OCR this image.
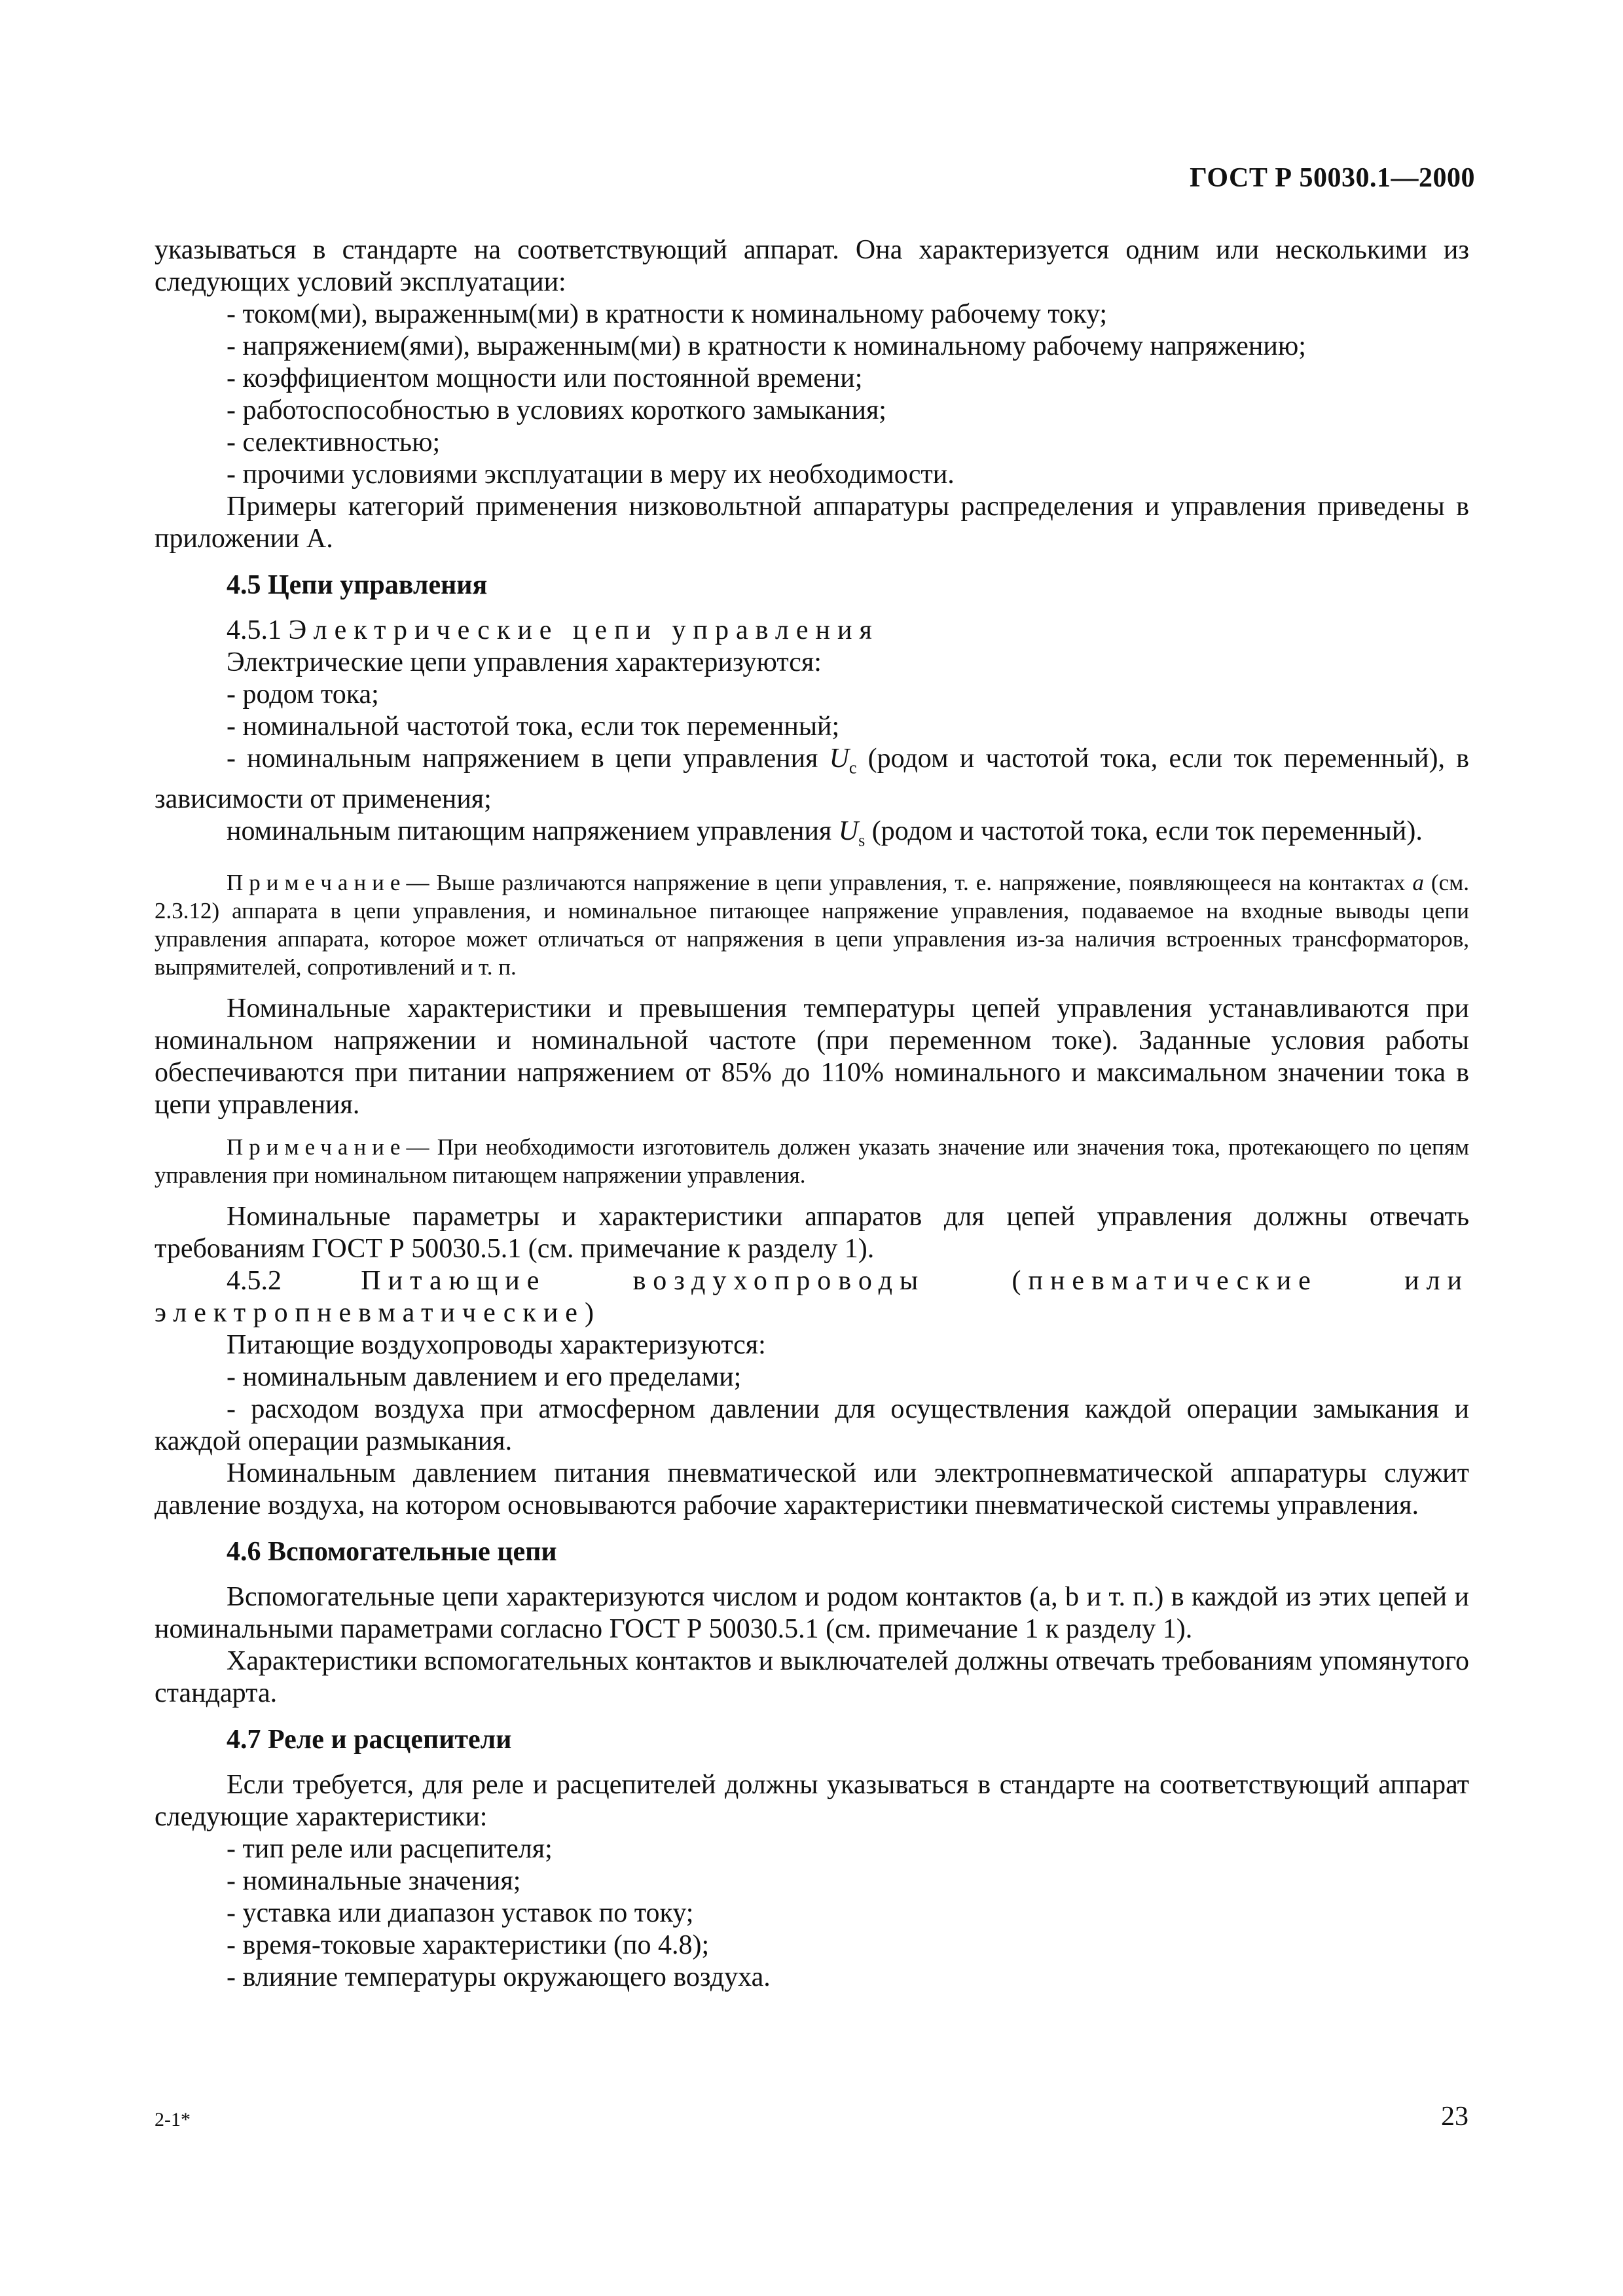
ГОСТ Р 50030.1—2000

указываться в стандарте на соответствующий аппарат. Она характеризуется одним или несколькими из следующих условий эксплуатации:

- током(ми), выраженным(ми) в кратности к номинальному рабочему току;

- напряжением(ями), выраженным(ми) в кратности к номинальному рабочему напряжению;

- коэффициентом мощности или постоянной времени;

- работоспособностью в условиях короткого замыкания;

- селективностью;

- прочими условиями эксплуатации в меру их необходимости.

Примеры категорий применения низковольтной аппаратуры распределения и управления приведены в приложении А.

4.5 Цепи управления

4.5.1 Электрические цепи управления

Электрические цепи управления характеризуются:

- родом тока;

- номинальной частотой тока, если ток переменный;

- номинальным напряжением в цепи управления $U_c$ (родом и частотой тока, если ток переменный), в зависимости от применения;

номинальным питающим напряжением управления $U_s$ (родом и частотой тока, если ток переменный).

Примечание— Выше различаются напряжение в цепи управления, т. е. напряжение, появляющееся на контактах a (см. 2.3.12) аппарата в цепи управления, и номинальное питающее напряжение управления, подаваемое на входные выводы цепи управления аппарата, которое может отличаться от напряжения в цепи управления из-за наличия встроенных трансформаторов, выпрямителей, сопротивлений и т. п.

Номинальные характеристики и превышения температуры цепей управления устанавливаются при номинальном напряжении и номинальной частоте (при переменном токе). Заданные условия работы обеспечиваются при питании напряжением от 85% до 110% номинального и максимальном значении тока в цепи управления.

Примечание— При необходимости изготовитель должен указать значение или значения тока, протекающего по цепям управления при номинальном питающем напряжении управления.

Номинальные параметры и характеристики аппаратов для цепей управления должны отвечать требованиям ГОСТ Р 50030.5.1 (см. примечание к разделу 1).

4.5.2	Питающие воздухопроводы (пневматические или электропневматические)

Питающие воздухопроводы характеризуются:

- номинальным давлением и его пределами;

- расходом воздуха при атмосферном давлении для осуществления каждой операции замыкания и каждой операции размыкания.

Номинальным давлением питания пневматической или электропневматической аппаратуры служит давление воздуха, на котором основываются рабочие характеристики пневматической системы управления.

4.6 Вспомогательные цепи

Вспомогательные цепи характеризуются числом и родом контактов (a, b и т. п.) в каждой из этих цепей и номинальными параметрами согласно ГОСТ Р 50030.5.1 (см. примечание 1 к разделу 1).

Характеристики вспомогательных контактов и выключателей должны отвечать требованиям упомянутого стандарта.

4.7 Реле и расцепители

Если требуется, для реле и расцепителей должны указываться в стандарте на соответствующий аппарат следующие характеристики:

- тип реле или расцепителя;

- номинальные значения;

- уставка или диапазон уставок по току;

- время-токовые характеристики (по 4.8);

- влияние температуры окружающего воздуха.

2-1*	23
